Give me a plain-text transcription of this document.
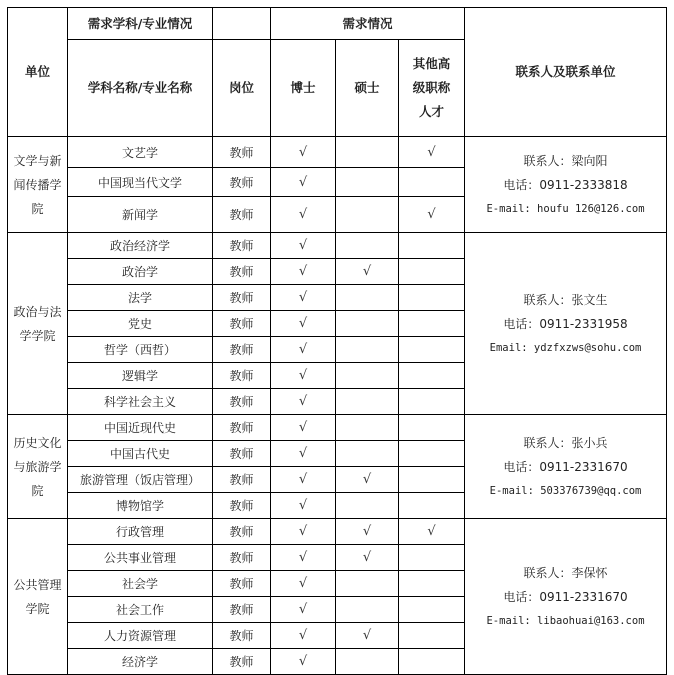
单位	需求学科/专业情况		需求情况			联系人及联系单位
	学科名称/专业名称	岗位	博士	硕士	其他高级职称人才	
文学与新闻传播学院	文艺学	教师	√		√	联系人：梁向阳
电话：0911-2333818
E-mail: houfu 126@126.com

	中国现当代文学	教师	√			
	新闻学	教师	√		√	
政治与法学学院	政治经济学	教师	√			联系人：张文生
电话：0911-2331958
Email: ydzfxzws@sohu.com

	政治学	教师	√	√		
	法学	教师	√			
	党史	教师	√			
	哲学（西哲）	教师	√			
	逻辑学	教师	√			
	科学社会主义	教师	√			
历史文化与旅游学院	中国近现代史	教师	√			联系人：张小兵
电话：0911-2331670
E-mail: 503376739@qq.com

	中国古代史	教师	√			
	旅游管理（饭店管理）	教师	√	√		
	博物馆学	教师	√			
公共管理学院	行政管理	教师	√	√	√	联系人：李保怀
电话：0911-2331670
E-mail: libaohuai@163.com

	公共事业管理	教师	√	√		
	社会学	教师	√			
	社会工作	教师	√			
	人力资源管理	教师	√	√		
	经济学	教师	√			
